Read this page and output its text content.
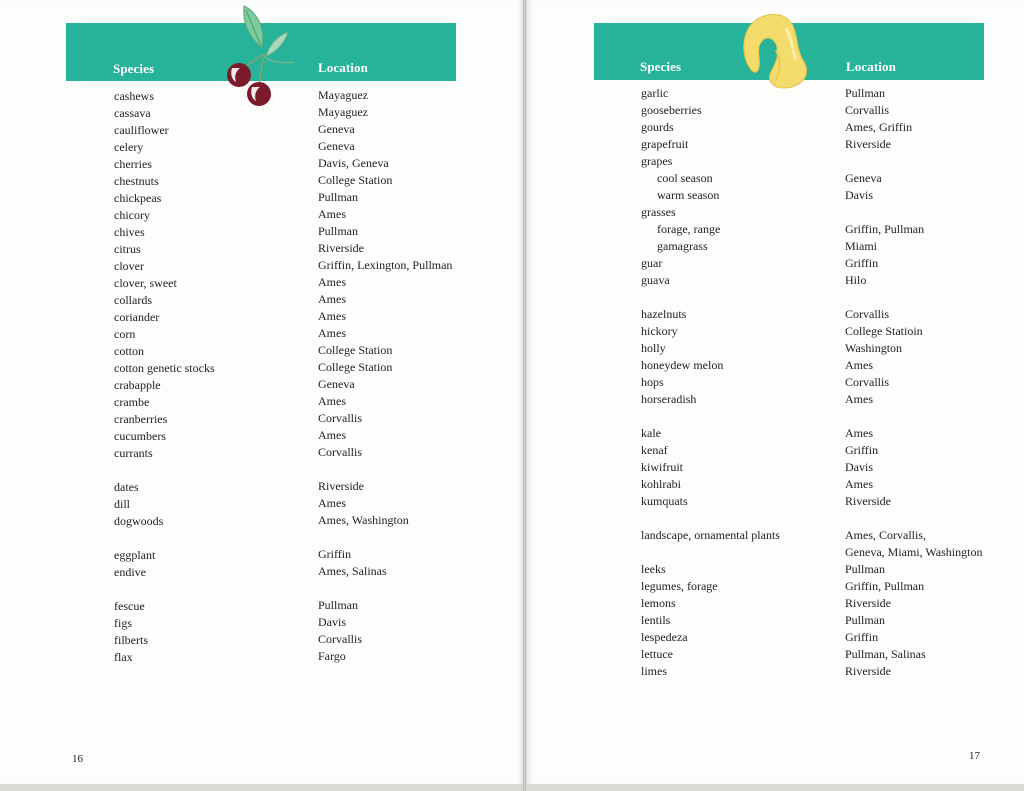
Species	Location
cashews
cassava
cauliflower
celery
cherries
chestnuts
chickpeas
chicory
chives
citrus
clover
clover, sweet
collards
coriander
corn
cotton
cotton genetic stocks
crabapple
crambe
cranberries
cucumbers
currants
dates
dill
dogwoods
eggplant
endive
fescue
figs
filberts
flax
Mayaguez
Mayaguez
Geneva
Geneva
Davis, Geneva
College Station
Pullman
Ames
Pullman
Riverside
Griffin, Lexington, Pullman
Ames
Ames
Ames
Ames
College Station
College Station
Geneva
Ames
Corvallis
Ames
Corvallis
Riverside
Ames
Ames, Washington
Griffin
Ames, Salinas
Pullman
Davis
Corvallis
Fargo
16
Species	Location
garlic
gooseberries
gourds
grapefruit
grapes
cool season
warm season
grasses
forage, range
gamagrass
guar
guava
hazelnuts
hickory
holly
honeydew melon
hops
horseradish
kale
kenaf
kiwifruit
kohlrabi
kumquats
landscape, ornamental plants
leeks
legumes, forage
lemons
lentils
lespedeza
lettuce
limes
Pullman
Corvallis
Ames, Griffin
Riverside
Geneva
Davis
Griffin, Pullman
Miami
Griffin
Hilo
Corvallis
College Statioin
Washington
Ames
Corvallis
Ames
Ames
Griffin
Davis
Ames
Riverside
Ames, Corvallis,
Geneva, Miami, Washington
Pullman
Griffin, Pullman
Riverside
Pullman
Griffin
Pullman, Salinas
Riverside
17
